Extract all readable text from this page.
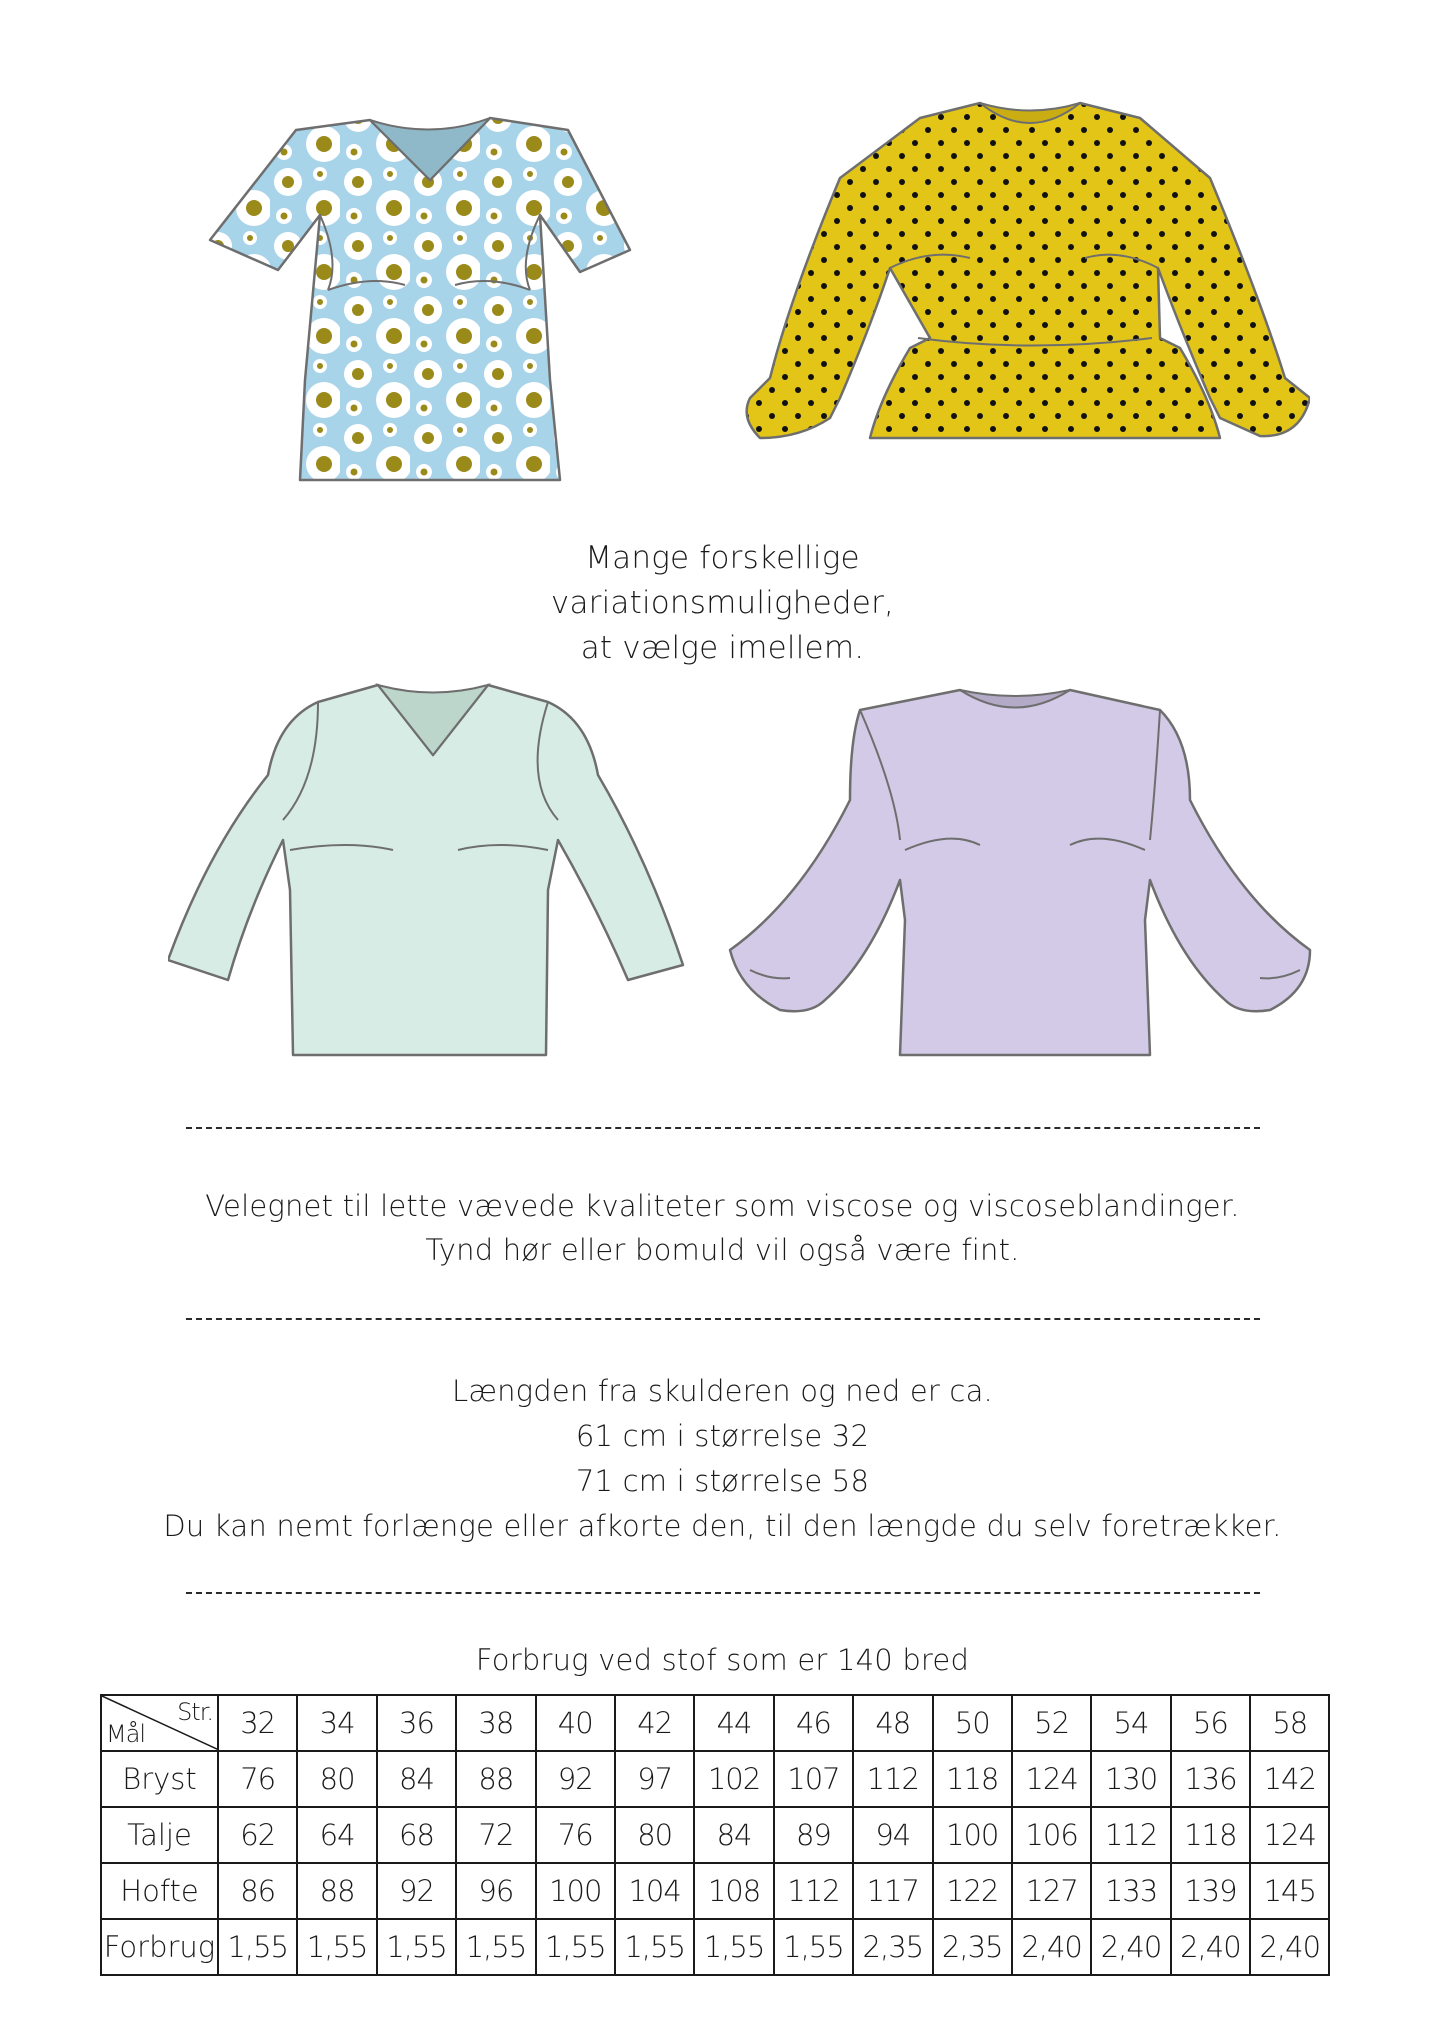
Mange forskellige
variationsmuligheder,
at vælge imellem.
Velegnet til lette vævede kvaliteter som viscose og viscoseblandinger.
Tynd hør eller bomuld vil også være fint.
Længden fra skulderen og ned er ca.
61 cm i størrelse 32
71 cm i størrelse 58
Du kan nemt forlænge eller afkorte den, til den længde du selv foretrækker.
Forbrug ved stof som er 140 bred
Str.
Mål	32	34	36	38	40	42	44	46	48	50	52	54	56	58
Bryst	76	80	84	88	92	97	102	107	112	118	124	130	136	142
Talje	62	64	68	72	76	80	84	89	94	100	106	112	118	124
Hofte	86	88	92	96	100	104	108	112	117	122	127	133	139	145
Forbrug	1,55	1,55	1,55	1,55	1,55	1,55	1,55	1,55	2,35	2,35	2,40	2,40	2,40	2,40
